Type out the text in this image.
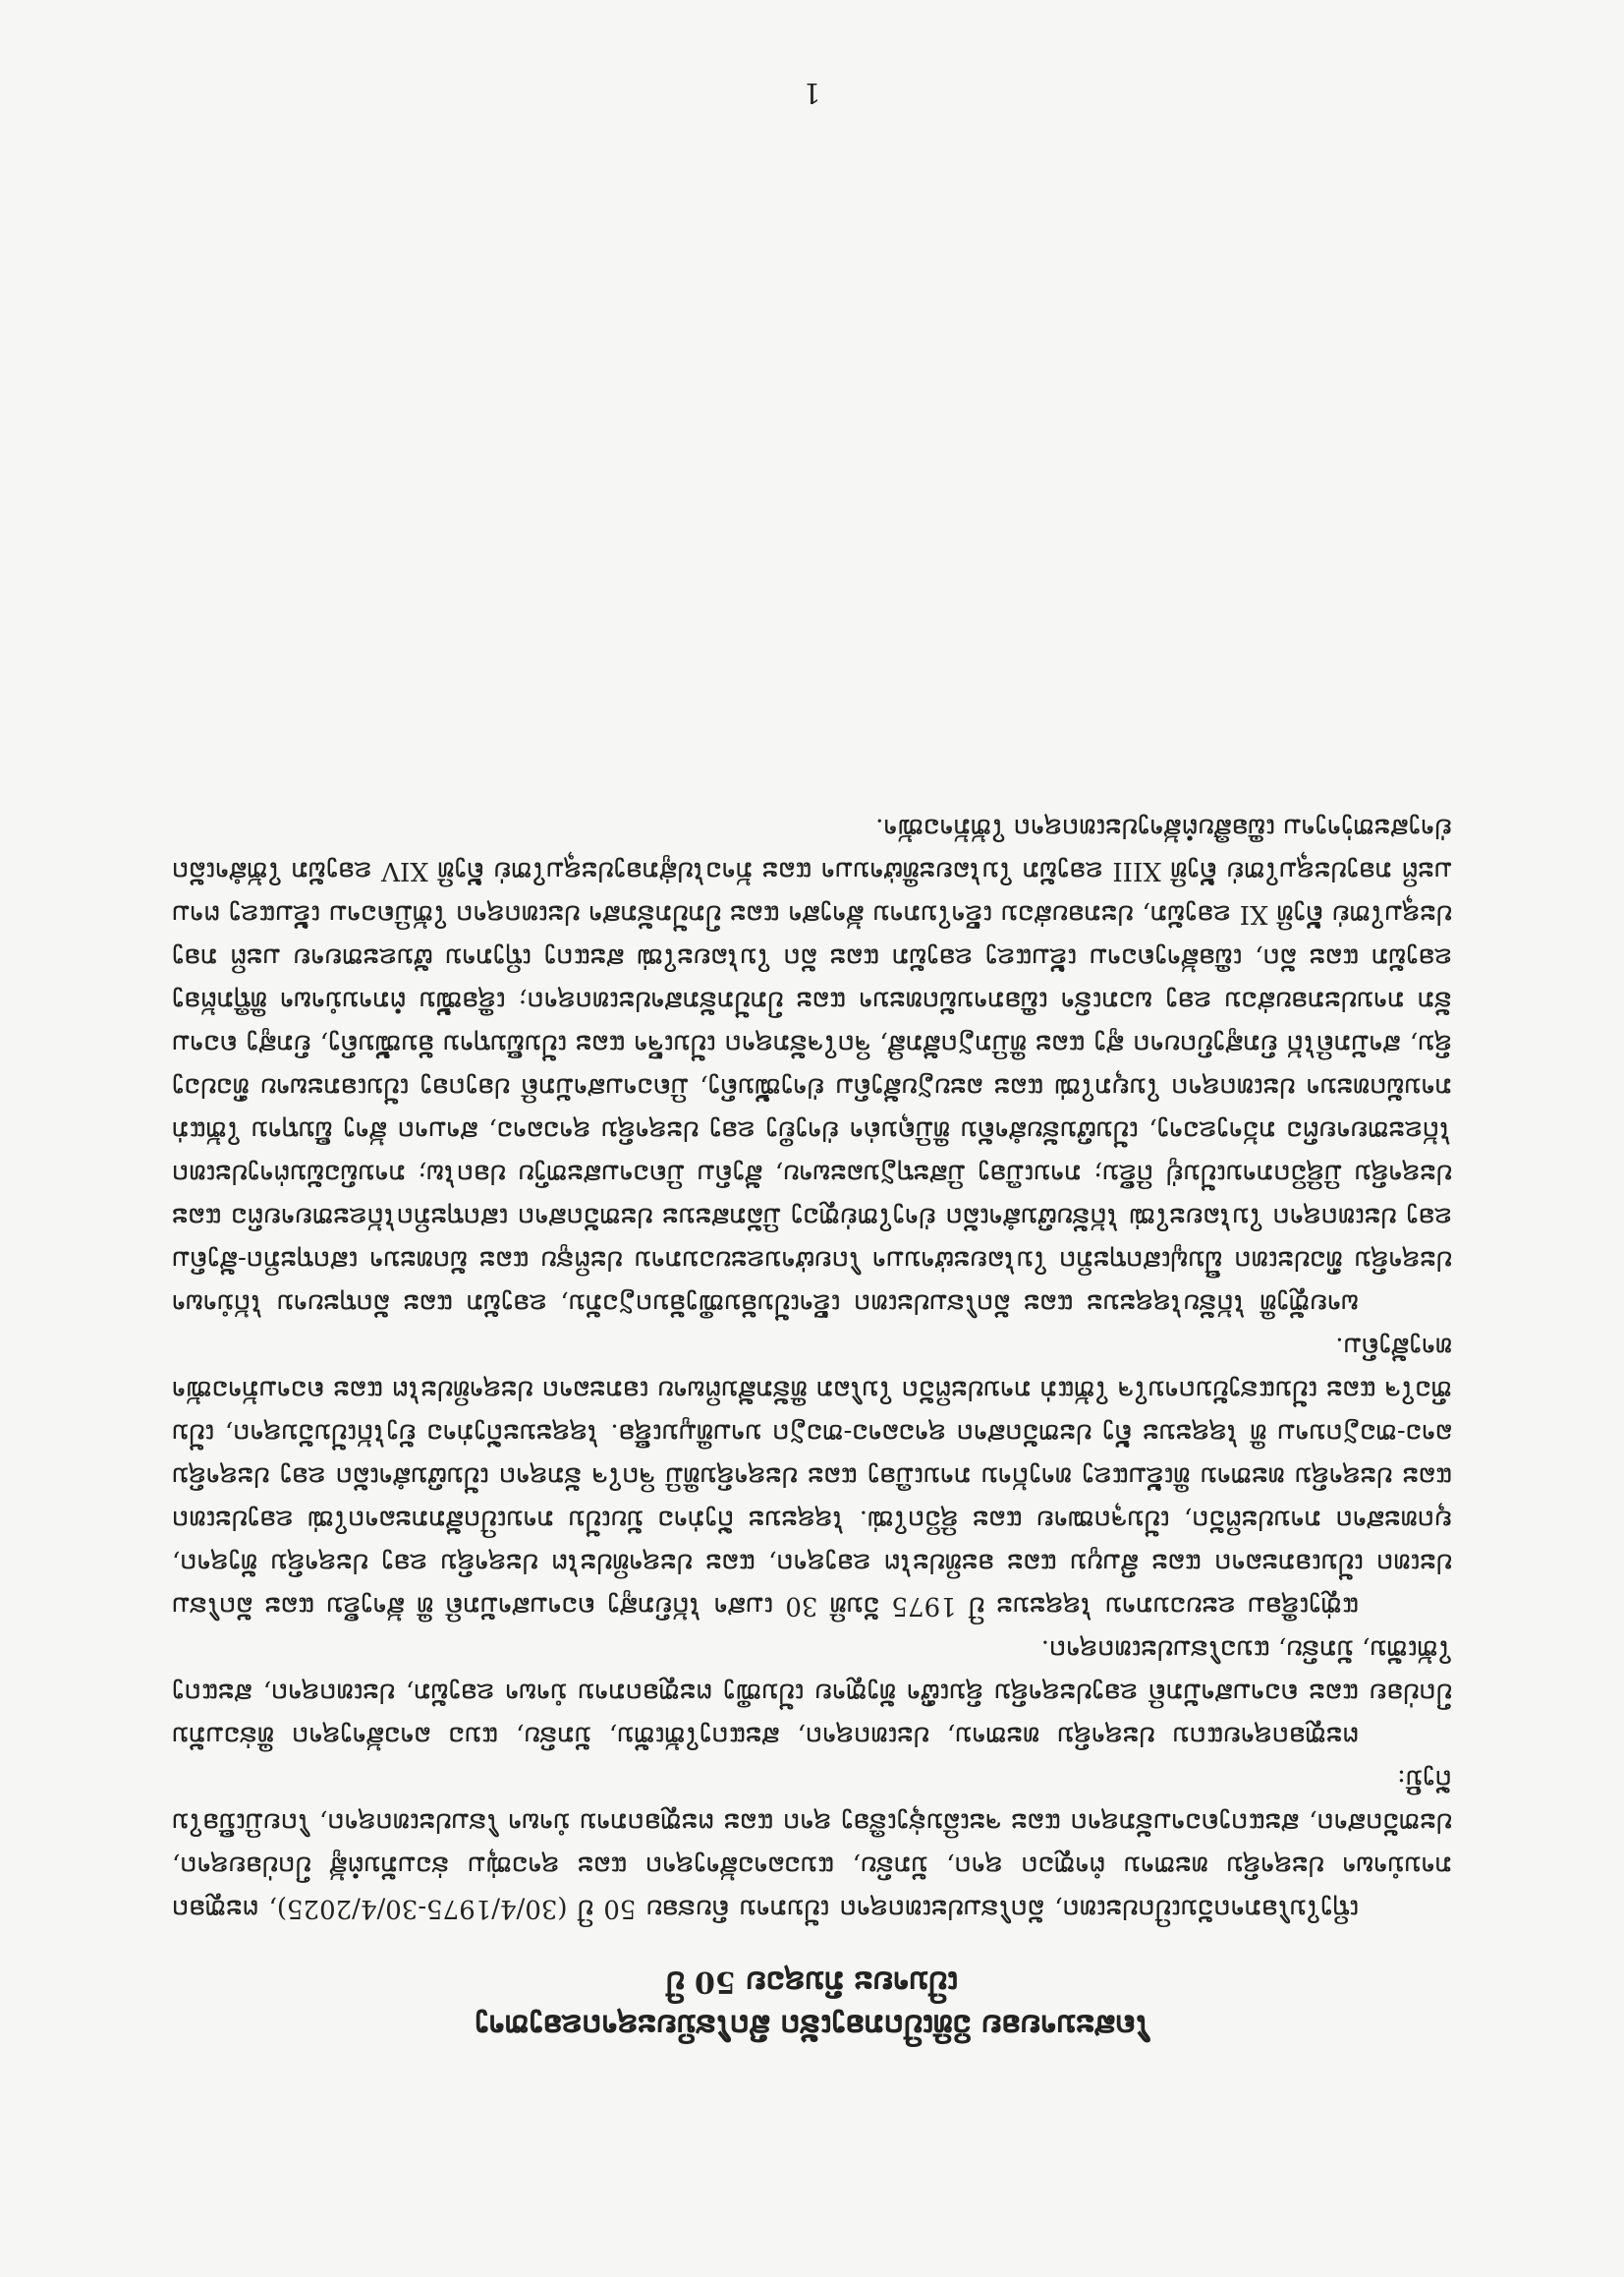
ໂຄສະນາຍອຍ ວິທີເປີດກອງເຮັດ ສົດໂຮນິຍະຊາດຂອງຫາງ
ເປີນາຍະ ກົນຊວຍ 50 ປີ

ເຖິງໃນໂອກາດວັນເປີດປະເທດ, ລັດໂຮມປະເທດຊາດ ເປັນການ ຄົບຮອບ 50 ປີ (30/4/1975-30/4/2025), ຕະຫຼອດການນຳພາ ປະຊາຊົນ ທະຫານ ຕຳຫຼວດ ຊາດ, ນັກຮົບ, ແນວລາວສ້າງຊາດ ແລະ ຊາວໜຸ່ມ ຮ່ວມກັນຕໍ່ສູ້ ປົດປ່ອຍຊາດ, ປະຫວັດສາດ, ສະແດງຄວາມຮັກຊາດ ແລະ ຈະເລີນຮຸ່ງເຮືອງ ຊາດ ແລະ ຕະຫຼອດການ ນຳພາ ໂຮມປະເທດຊາດ, ໂດຍມີເນື້ອໃນດັ່ງນີ້:

ຕະຫຼອດຊາຍແດນ ປະຊາຊົນ ທະຫານ, ປະເທດຊາດ, ສະແດງໃຫ້ເຫັນ, ນັກຮົບ, ແນວ ລາວສ້າງຊາດ ທີ່ຮ່ວມກັນປົດປ່ອຍ ແລະ ຄວາມສາມັກຄີ ຂອງປະຊາຊົນ ຊົນເຜົ່າ ທັງຫຼາຍ ເປັນໜຶ່ງ ຕະຫຼອດການ ນຳພາ ຂອງພັກ, ປະເທດຊາດ, ສະແດງໃຫ້ເຫັນ, ນັກຮົບ, ແນວໂຮມປະເທດຊາດ.

ແຫຼ່ງເຊື່ອມ ຂະບວນການ ໄຊຊະນະ ປີ 1975 ວັນທີ 30 ເມສາ ໄດ້ຍົກສູງ ຄວາມສາມັກຄີ ທີ່ ສ້າງຂຶ້ນ ແລະ ລັດໂຮມປະເທດ ເປັນເອກະລາດ ແລະ ສົມບູນ ແລະ ອະທິປະໄຕ ຂອງຊາດ, ແລະ ປະຊາທິປະໄຕ ປະຊາຊົນ ຂອງ ປະຊາຊົນ ທັງຊາດ, ຍຸດທະສາດ ການປະຕິວັດ, ເປັນຈຸດໝາຍ ແລະ ຊີວິດໃໝ່. ໄຊຊະນະ ດັ່ງກ່າວ ນັບເປັນ ການເປີດສັກກະລາດໃໝ່ ຂອງປະເທດ ແລະ ປະຊາຊົນ ທະຫານ ທີ່ເຂັ້ມແຂງ ທາງດ້ານ ການເມືອງ ແລະ ປະຊາຊົນທີ່ມີ ຈິດໃຈ ຮັກຊາດ ເປັນຜົນສຳເລັດ ຂອງ ປະຊາຊົນ ລາວ-ຫວຽດນາມ ທີ່ ໄຊຊະນະ ຄັ້ງ ປະຫວັດສາດ ຊາວລາວ-ຫວຽດ ນາມທີ່ມູນເຊື້ອ. ໄຊຊະນະດັ່ງກ່າວ ຍັງໄດ້ເປັນວັນຊາດ, ເປັນຫົວໃຈ ແລະ ເປັນແຮງບັນດານໃຈ ໃຫ້ແກ່ ການປະຕິວັດ ໃນໂລກ ທີ່ຮັກສັນຕິພາບ ເອກະລາດ ປະຊາທິປະໄຕ ແລະ ຄວາມກ້າວໜ້າທາງສັງຄົມ.

ພາຍຫຼັງທີ່ ໄດ້ຮັບໄຊຊະນະ ແລະ ລັດໂຮມປະເທດ ເຂົ້າເປັນອັນໜຶ່ງອັນດຽວກັນ, ຂອງພັກ ແລະ ລັດຖະບານ ໄດ້ນຳພາ ປະຊາຊົນ ທົ່ວປະເທດ ຟື້ນຟູເສດຖະກິດ ໃນໄລຍະຜ່ານມາ ໂດຍຜ່ານຂະບວນການ ປະຕິຮູບ ແລະ ພັດທະນາ ເສດຖະກິດ-ສັງຄົມ ຂອງ ປະເທດຊາດ ໃນໄລຍະໃໝ່ ໄດ້ຮັບຜົນສຳເລັດ ຢ່າງໃຫຍ່ຫຼວງ ມີລັກສະນະ ປະຫວັດສາດ ເສດຖະກິດໄດ້ຂະຫຍາຍຕົວ ແລະ ປະຊາຊົນ ມີຊີວິດການເປັນຢູ່ ດີຂຶ້ນ; ການເມືອງ ມີສະຖຽນລະພາບ, ສັງຄົມ ມີຄວາມສະຫງົບ ປອດໄພ; ການພົວພັນຕ່າງປະເທດ ໄດ້ຂະຫຍາຍຕົວ ກວ້າງຂວາງ, ເປັນຜົນຮັບສຳຄັນ ທີ່ມີຄຸນຄ່າ ຢ່າງຍິ່ງ ຂອງ ປະຊາຊົນ ຊາວລາວ, ສາມາດ ສ້າງ ພື້ນຖານ ໃຫ້ແກ່ ການພັດທະນາ ປະເທດຊາດ ໃນຍຸກໃໝ່ ແລະ ລະບຽບສັງຄົມ ຢ່າງໝັ້ນຄົງ, ມີຄວາມສາມັກຄີ ປອງດອງ ເປັນເອກະພາບ ທົ່ວປວງຊົນ, ສາມັກຄີໄດ້ ຍົກສູງບົດບາດ ສູງ ແລະ ທີ່ມີກຽດສັກສີ, ຈິດໃຈຮັກຊາດ ເປັນເຈົ້າ ແລະ ເປັນພື້ນຖານ ອັນໝັ້ນຄົງ, ຍົກສູງ ຄວາມຮັກ ການປະກອບສ່ວນ ຂອງ ພວກເຮົາ ເພື່ອການພັດທະນາ ແລະ ປົກປັກຮັກສາປະເທດຊາດ; ເຊື່ອໝັ້ນ ຕໍ່ການນຳພາ ທີ່ຖືກຕ້ອງ ຂອງພັກ ແລະ ລັດ, ເພື່ອສ້າງຄວາມ ເຂັ້ມແຂງ ຂອງພັກ ແລະ ລັດ ໃນໄລຍະໃໝ່ ສະແດງ ເຖິງການ ຜັນຂະຫຍາຍ ມະຕິ ກອງປະຊຸມໃຫຍ່ ຄັ້ງທີ XI ຂອງພັກ, ປະກອບສ່ວນ ເຂົ້າໃນການ ສ້າງສາ ແລະ ປົກປັກຮັກສາ ປະເທດຊາດ ໃຫ້ມີຄວາມ ເຂັ້ມແຂງ ຕາມມະຕິ ກອງປະຊຸມໃຫຍ່ ຄັ້ງທີ XIII ຂອງພັກ ໃນໄລຍະທີ່ຜ່ານມາ ແລະ ກ້າວໄປສູ່ກອງປະຊຸມໃຫຍ່ ຄັ້ງທີ XIV ຂອງພັກ ໃຫ້ສຳເລັດຢ່າງສະຫງ່າງາມ ເພື່ອສືບຕໍ່ສ້າງປະເທດຊາດ ໃຫ້ກ້າວໜ້າ.

1
